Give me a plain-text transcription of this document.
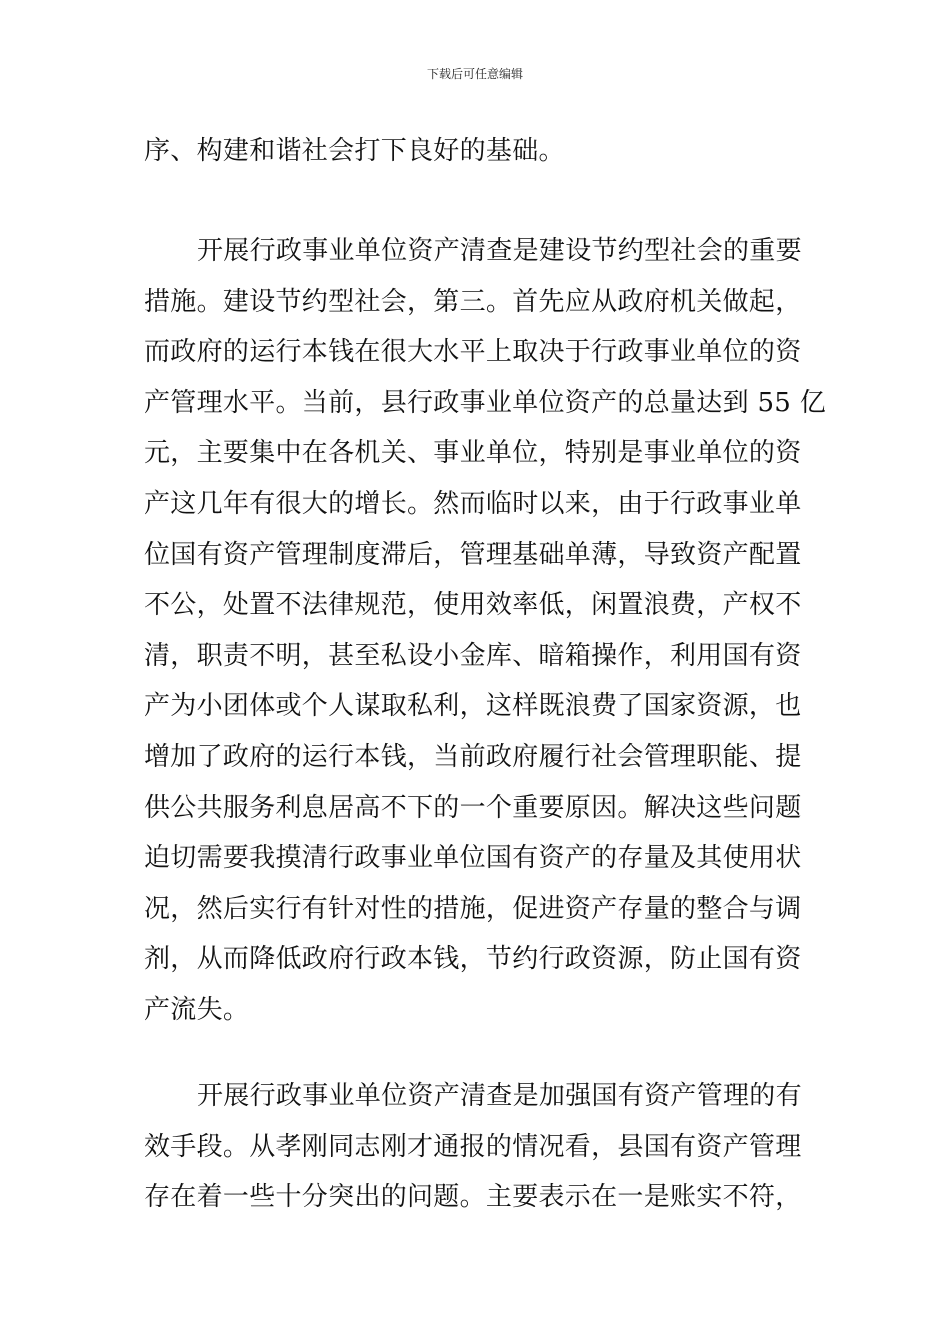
下载后可任意编辑
序、构建和谐社会打下良好的基础。
开展行政事业单位资产清查是建设节约型社会的重要
措施。建设节约型社会，第三。首先应从政府机关做起，
而政府的运行本钱在很大水平上取决于行政事业单位的资
产管理水平。当前，县行政事业单位资产的总量达到 55 亿
元，主要集中在各机关、事业单位，特别是事业单位的资
产这几年有很大的增长。然而临时以来，由于行政事业单
位国有资产管理制度滞后，管理基础单薄，导致资产配置
不公，处置不法律规范，使用效率低，闲置浪费，产权不
清，职责不明，甚至私设小金库、暗箱操作，利用国有资
产为小团体或个人谋取私利，这样既浪费了国家资源，也
增加了政府的运行本钱，当前政府履行社会管理职能、提
供公共服务利息居高不下的一个重要原因。解决这些问题
迫切需要我摸清行政事业单位国有资产的存量及其使用状
况，然后实行有针对性的措施，促进资产存量的整合与调
剂，从而降低政府行政本钱，节约行政资源，防止国有资
产流失。
开展行政事业单位资产清查是加强国有资产管理的有
效手段。从孝刚同志刚才通报的情况看，县国有资产管理
存在着一些十分突出的问题。主要表示在一是账实不符，
